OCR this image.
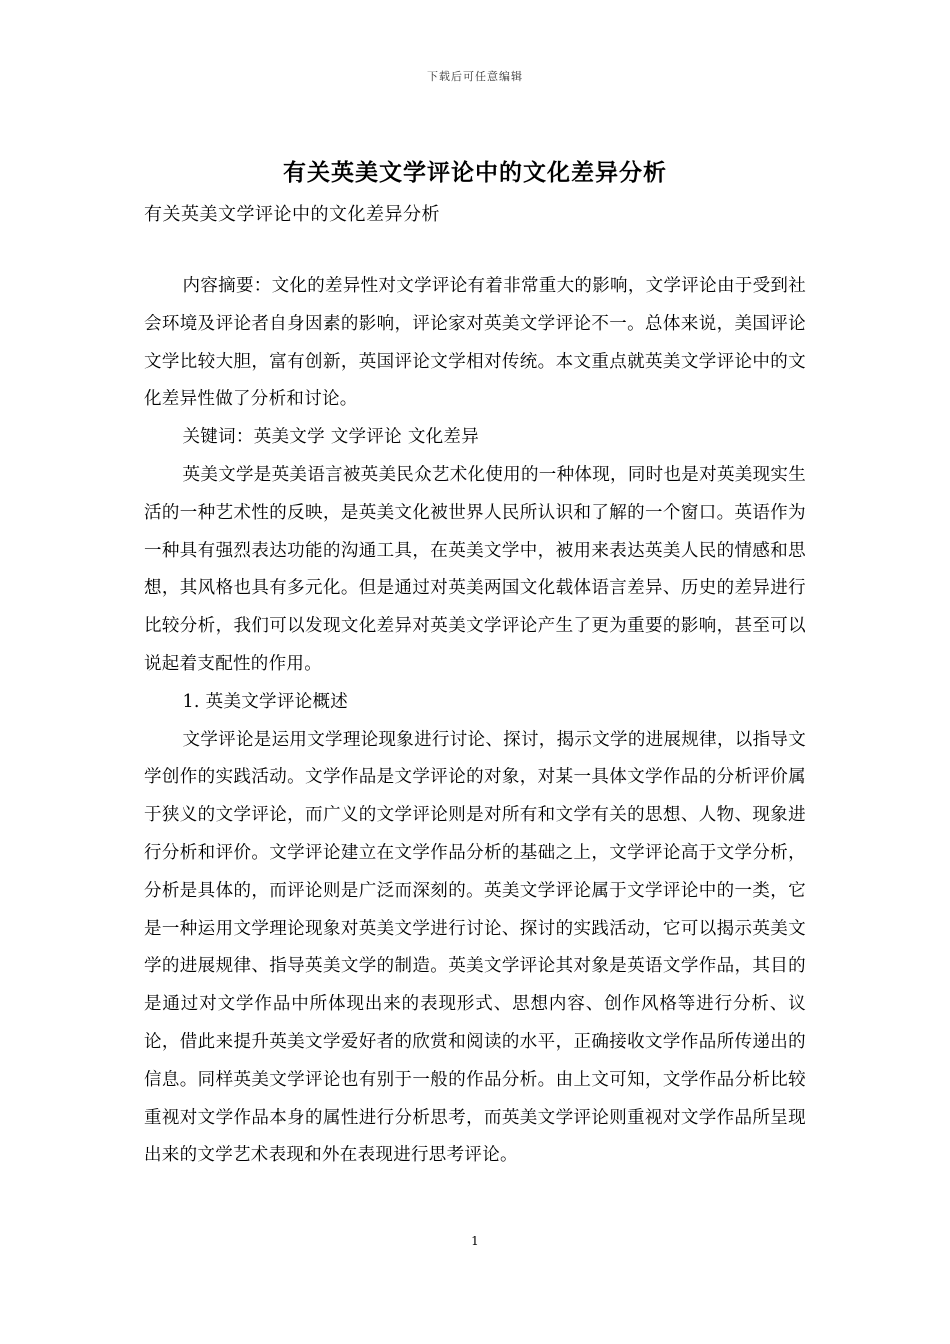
下载后可任意编辑
有关英美文学评论中的文化差异分析
有关英美文学评论中的文化差异分析

内容摘要：文化的差异性对文学评论有着非常重大的影响，文学评论由于受到社会环境及评论者自身因素的影响，评论家对英美文学评论不一。总体来说，美国评论文学比较大胆，富有创新，英国评论文学相对传统。本文重点就英美文学评论中的文化差异性做了分析和讨论。

关键词：英美文学 文学评论 文化差异

英美文学是英美语言被英美民众艺术化使用的一种体现，同时也是对英美现实生活的一种艺术性的反映，是英美文化被世界人民所认识和了解的一个窗口。英语作为一种具有强烈表达功能的沟通工具，在英美文学中，被用来表达英美人民的情感和思想，其风格也具有多元化。但是通过对英美两国文化载体语言差异、历史的差异进行比较分析，我们可以发现文化差异对英美文学评论产生了更为重要的影响，甚至可以说起着支配性的作用。

1. 英美文学评论概述

文学评论是运用文学理论现象进行讨论、探讨，揭示文学的进展规律，以指导文学创作的实践活动。文学作品是文学评论的对象，对某一具体文学作品的分析评价属于狭义的文学评论，而广义的文学评论则是对所有和文学有关的思想、人物、现象进行分析和评价。文学评论建立在文学作品分析的基础之上，文学评论高于文学分析，分析是具体的，而评论则是广泛而深刻的。英美文学评论属于文学评论中的一类，它是一种运用文学理论现象对英美文学进行讨论、探讨的实践活动，它可以揭示英美文学的进展规律、指导英美文学的制造。英美文学评论其对象是英语文学作品，其目的是通过对文学作品中所体现出来的表现形式、思想内容、创作风格等进行分析、议论，借此来提升英美文学爱好者的欣赏和阅读的水平，正确接收文学作品所传递出的信息。同样英美文学评论也有别于一般的作品分析。由上文可知，文学作品分析比较重视对文学作品本身的属性进行分析思考，而英美文学评论则重视对文学作品所呈现出来的文学艺术表现和外在表现进行思考评论。

1
